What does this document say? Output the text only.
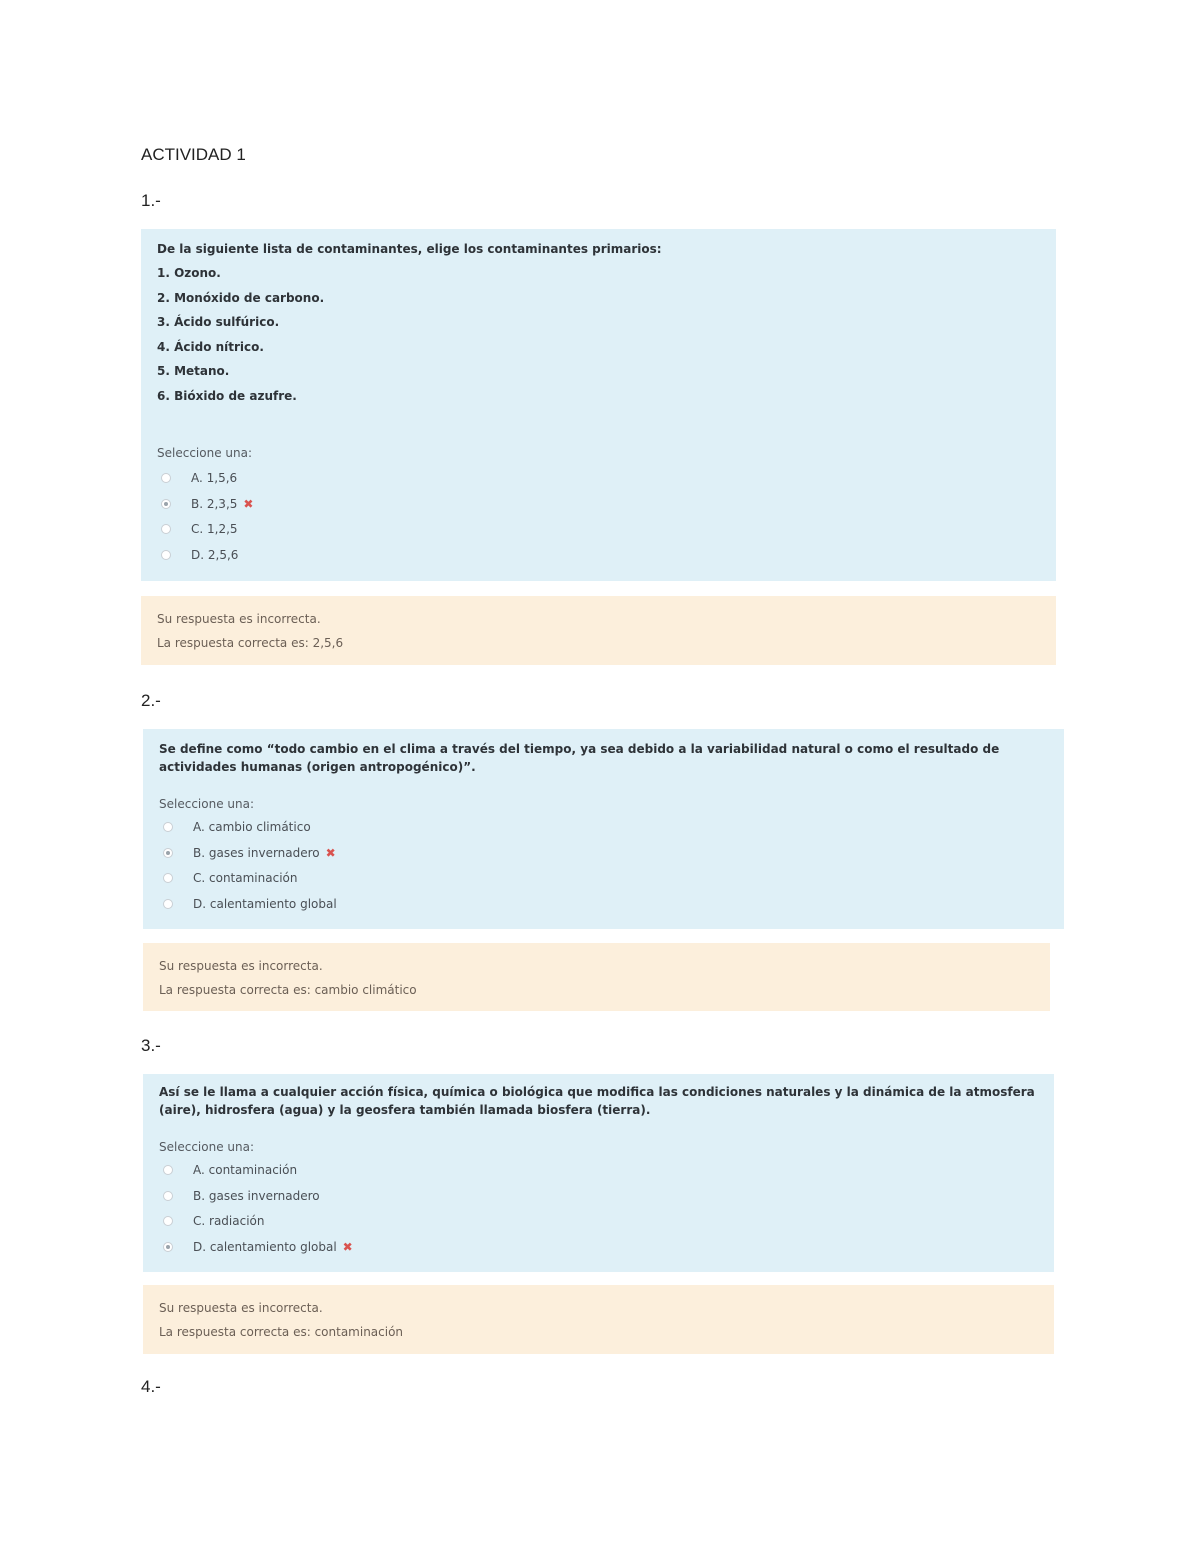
ACTIVIDAD 1
1.-

De la siguiente lista de contaminantes, elige los contaminantes primarios:

1. Ozono.
2. Monóxido de carbono.
3. Ácido sulfúrico.
4. Ácido nítrico.
5. Metano.
6. Bióxido de azufre.
Seleccione una:
A. 1,5,6
B. 2,3,5 ✖
C. 1,2,5
D. 2,5,6
Su respuesta es incorrecta.
La respuesta correcta es: 2,5,6
2.-

Se define como “todo cambio en el clima a través del tiempo, ya sea debido a la variabilidad natural o como el resultado de actividades humanas (origen antropogénico)”.

Seleccione una:
A. cambio climático
B. gases invernadero ✖
C. contaminación
D. calentamiento global
Su respuesta es incorrecta.
La respuesta correcta es: cambio climático
3.-

Así se le llama a cualquier acción física, química o biológica que modifica las condiciones naturales y la dinámica de la atmosfera (aire), hidrosfera (agua) y la geosfera también llamada biosfera (tierra).

Seleccione una:
A. contaminación
B. gases invernadero
C. radiación
D. calentamiento global ✖
Su respuesta es incorrecta.
La respuesta correcta es: contaminación
4.-
